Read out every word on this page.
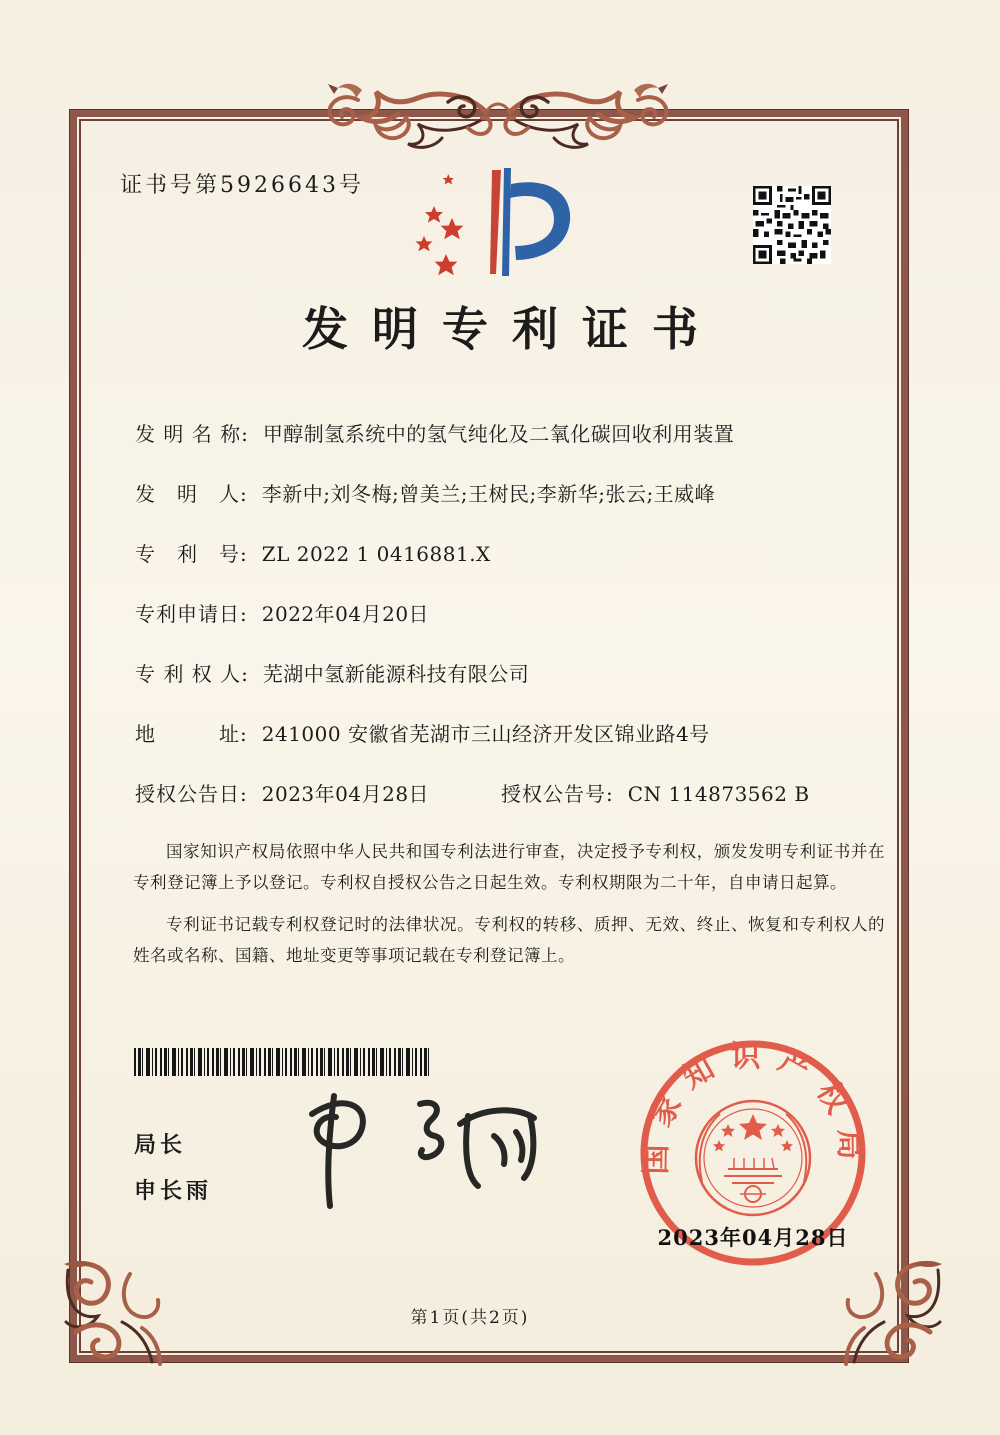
证书号第5926643号
发明专利证书
发 明 名 称: 甲醇制氢系统中的氢气纯化及二氧化碳回收利用装置
发　明　人: 李新中;刘冬梅;曾美兰;王树民;李新华;张云;王威峰
专　利　号: ZL 2022 1 0416881.X
专利申请日: 2022年04月20日
专 利 权 人: 芜湖中氢新能源科技有限公司
地　　　址: 241000 安徽省芜湖市三山经济开发区锦业路4号
授权公告日: 2023年04月28日	授权公告号: CN 114873562 B

国家知识产权局依照中华人民共和国专利法进行审查，决定授予专利权，颁发发明专利证书并在专利登记簿上予以登记。专利权自授权公告之日起生效。专利权期限为二十年，自申请日起算。

专利证书记载专利权登记时的法律状况。专利权的转移、质押、无效、终止、恢复和专利权人的姓名或名称、国籍、地址变更等事项记载在专利登记簿上。

局长
申长雨
国家知识产权局
2023年04月28日
第1页(共2页)
